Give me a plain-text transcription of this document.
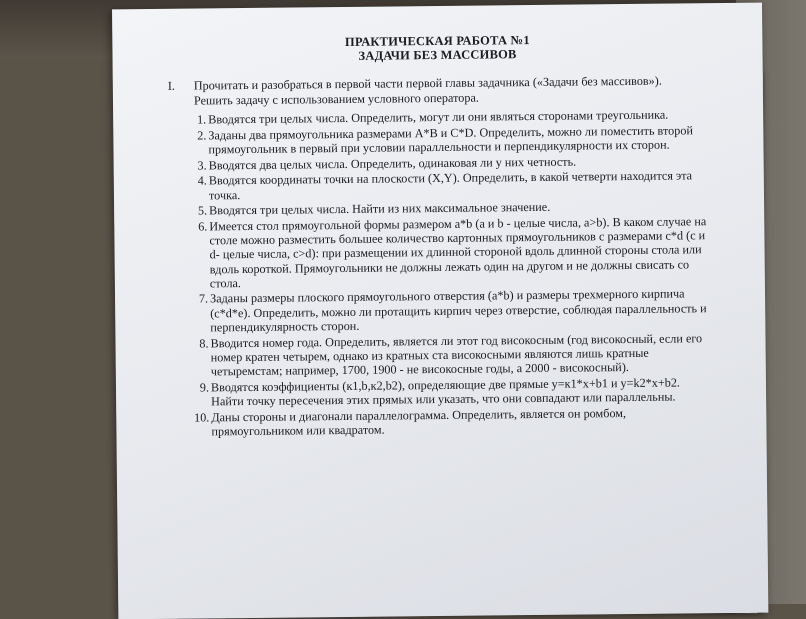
ПРАКТИЧЕСКАЯ РАБОТА №1
ЗАДАЧИ БЕЗ МАССИВОВ
I. Прочитать и разобраться в первой части первой главы задачника («Задачи без массивов»).
Решить задачу с использованием условного оператора.
1. Вводятся три целых числа. Определить, могут ли они являться сторонами треугольника.
2. Заданы два прямоугольника размерами А*В и С*D. Определить, можно ли поместить второй прямоугольник в первый при условии параллельности и перпендикулярности их сторон.
3. Вводятся два целых числа. Определить, одинаковая ли у них четность.
4. Вводятся координаты точки на плоскости (X,Y). Определить, в какой четверти находится эта точка.
5. Вводятся три целых числа. Найти из них максимальное значение.
6. Имеется стол прямоугольной формы размером a*b (a и b - целые числа, a>b). В каком случае на столе можно разместить большее количество картонных прямоугольников с размерами c*d (с и d- целые числа, c>d): при размещении их длинной стороной вдоль длинной стороны стола или вдоль короткой. Прямоугольники не должны лежать один на другом и не должны свисать со стола.
7. Заданы размеры плоского прямоугольного отверстия (a*b) и размеры трехмерного кирпича (c*d*e). Определить, можно ли протащить кирпич через отверстие, соблюдая параллельность и перпендикулярность сторон.
8. Вводится номер года. Определить, является ли этот год високосным (год високосный, если его номер кратен четырем, однако из кратных ста високосными являются лишь кратные четыремстам; например, 1700, 1900 - не високосные годы, а 2000 - високосный).
9. Вводятся коэффициенты (к1,b,к2,b2), определяющие две прямые y=к1*x+b1 и y=k2*x+b2. Найти точку пересечения этих прямых или указать, что они совпадают или параллельны.
10. Даны стороны и диагонали параллелограмма. Определить, является он ромбом, прямоугольником или квадратом.
